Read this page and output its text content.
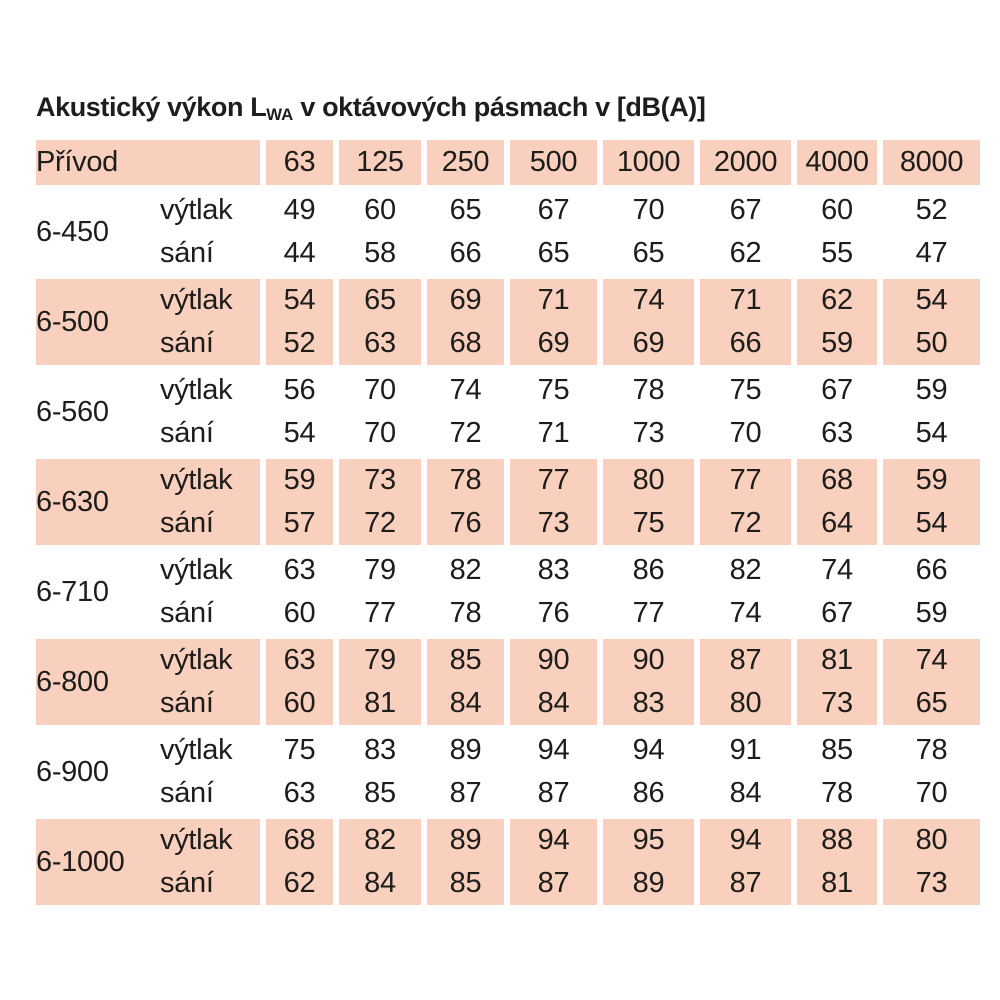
Akustický výkon $L_{WA}$ v oktávových pásmach v [dB(A)]
Přívod		63	125	250	500	1000	2000	4000	8000
6-450	výtlak	49	60	65	67	70	67	60	52
	sání	44	58	66	65	65	62	55	47
6-500	výtlak	54	65	69	71	74	71	62	54
	sání	52	63	68	69	69	66	59	50
6-560	výtlak	56	70	74	75	78	75	67	59
	sání	54	70	72	71	73	70	63	54
6-630	výtlak	59	73	78	77	80	77	68	59
	sání	57	72	76	73	75	72	64	54
6-710	výtlak	63	79	82	83	86	82	74	66
	sání	60	77	78	76	77	74	67	59
6-800	výtlak	63	79	85	90	90	87	81	74
	sání	60	81	84	84	83	80	73	65
6-900	výtlak	75	83	89	94	94	91	85	78
	sání	63	85	87	87	86	84	78	70
6-1000	výtlak	68	82	89	94	95	94	88	80
	sání	62	84	85	87	89	87	81	73
